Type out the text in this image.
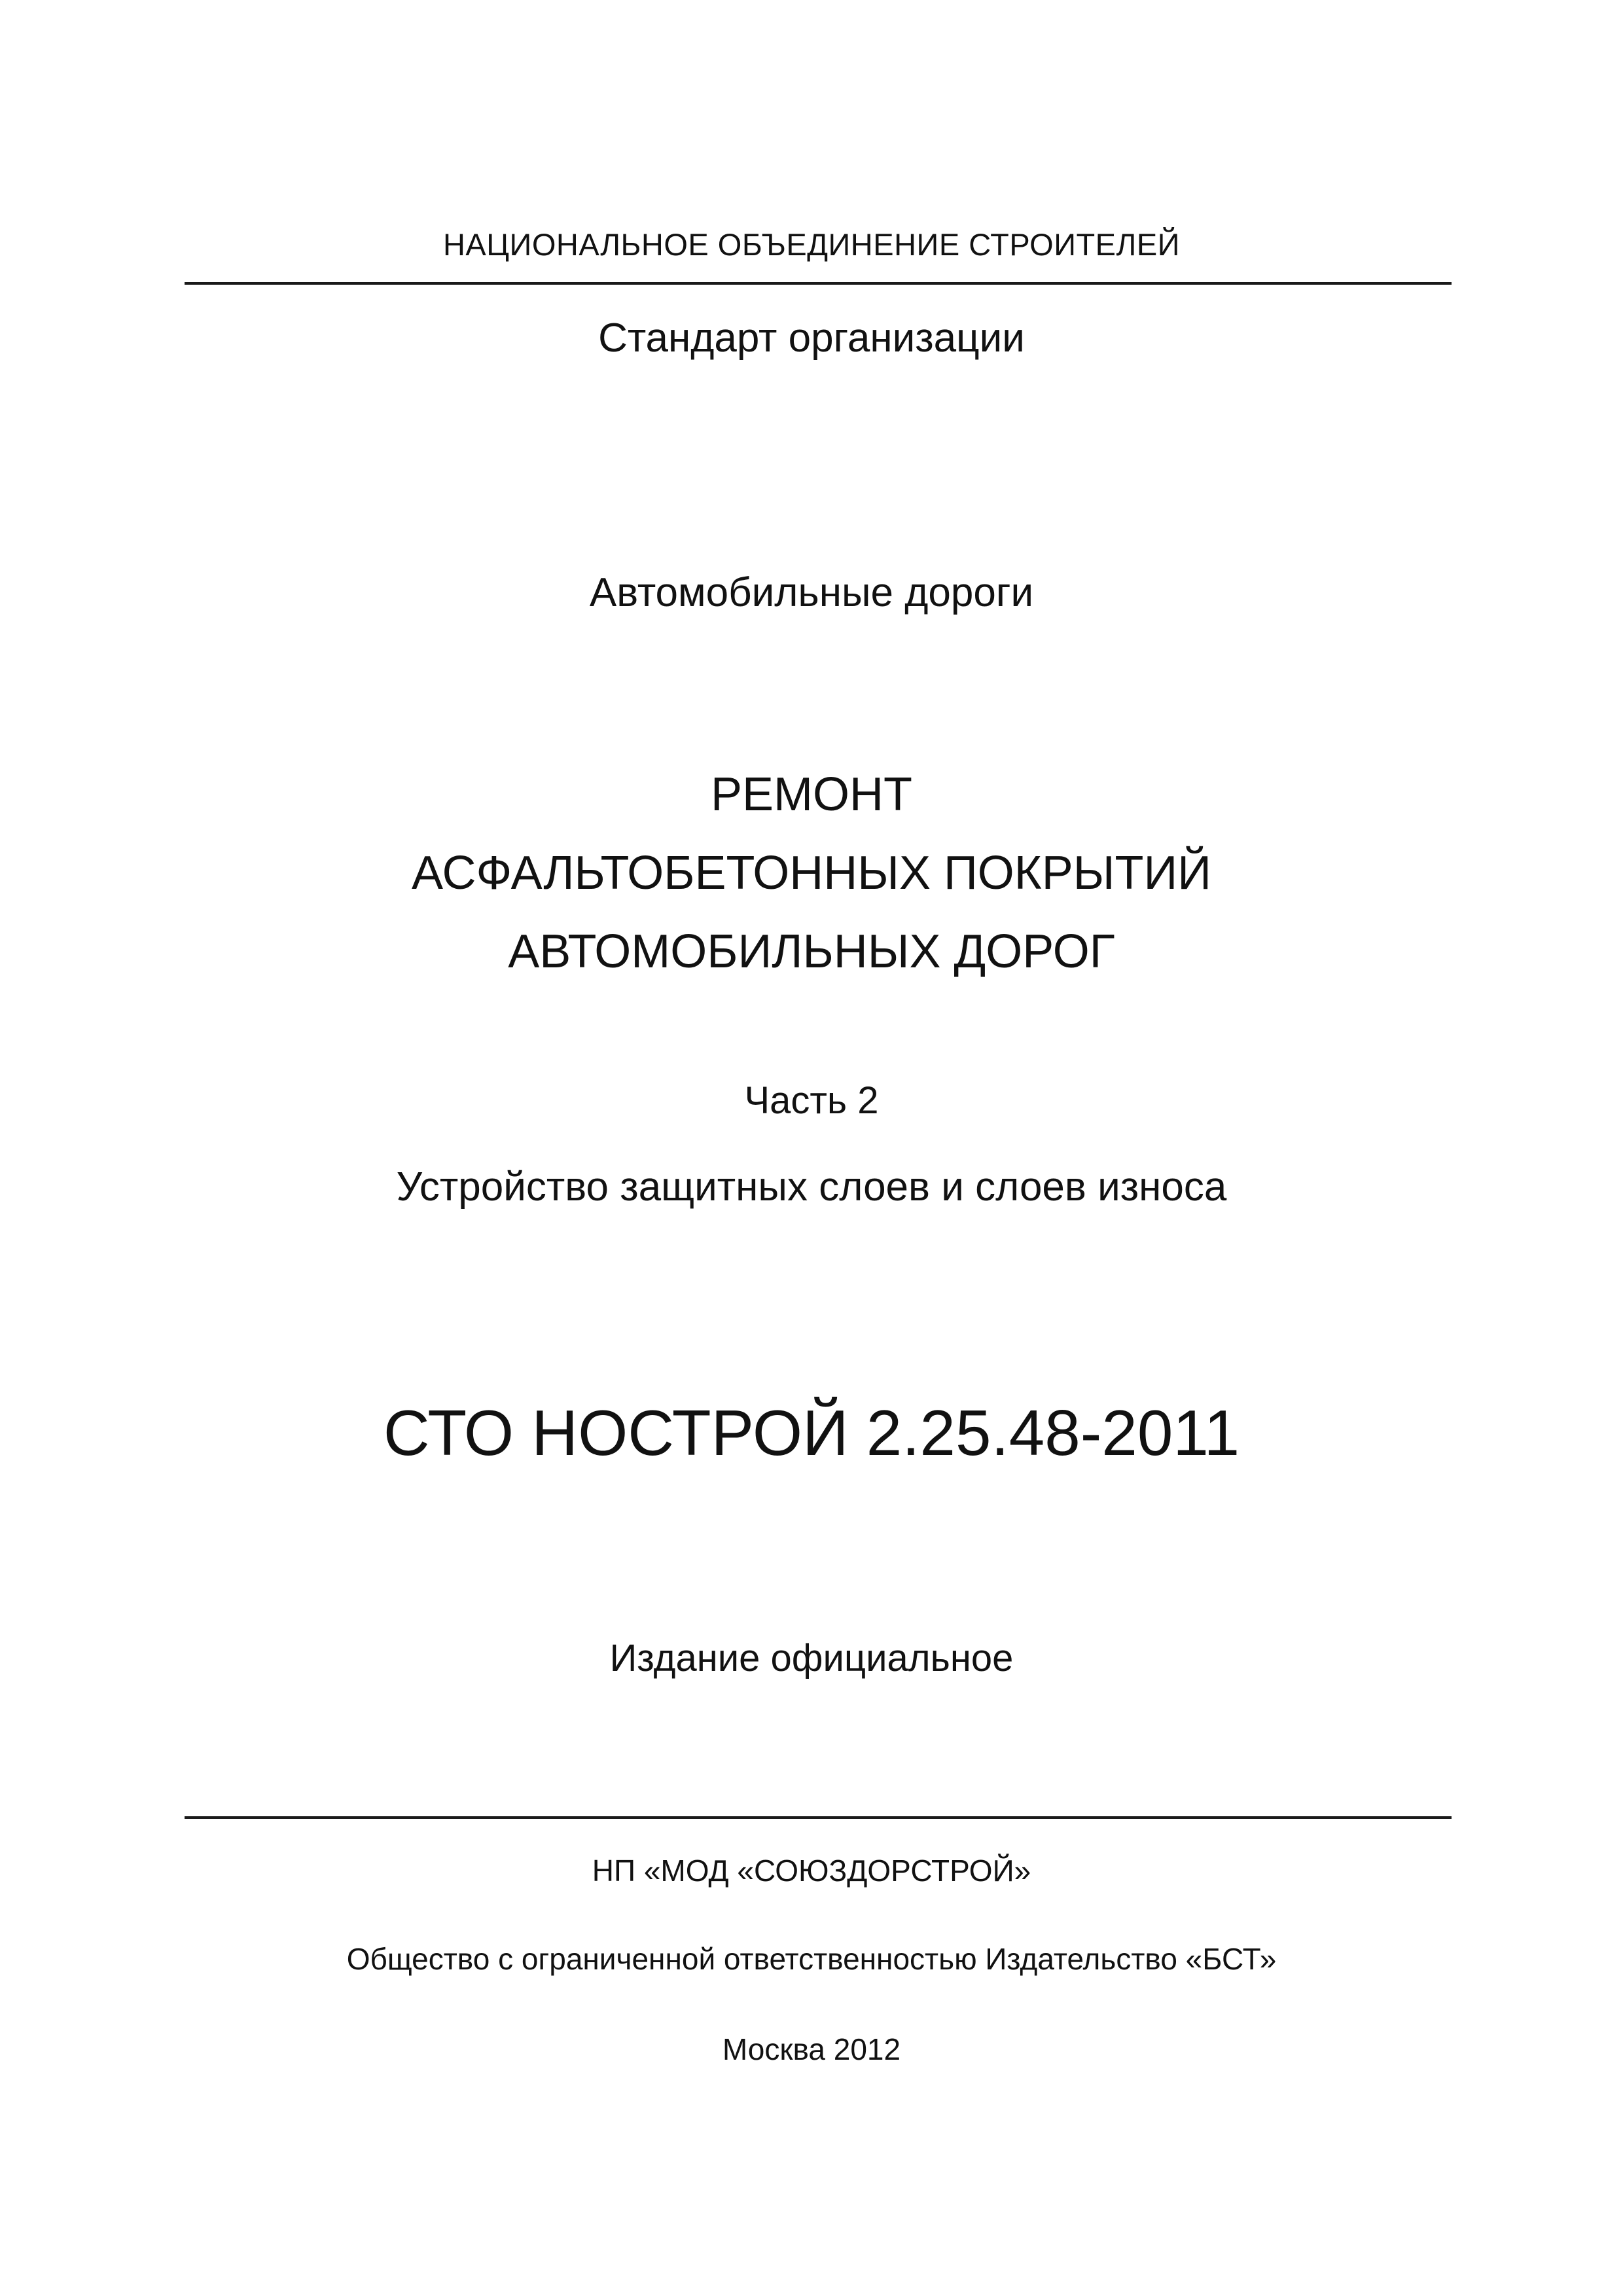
НАЦИОНАЛЬНОЕ ОБЪЕДИНЕНИЕ СТРОИТЕЛЕЙ
Стандарт организации
Автомобильные дороги
РЕМОНТ
АСФАЛЬТОБЕТОННЫХ ПОКРЫТИЙ
АВТОМОБИЛЬНЫХ ДОРОГ
Часть 2
Устройство защитных слоев и слоев износа
СТО НОСТРОЙ 2.25.48-2011
Издание официальное
НП «МОД «СОЮЗДОРСТРОЙ»
Общество с ограниченной ответственностью Издательство «БСТ»
Москва 2012
